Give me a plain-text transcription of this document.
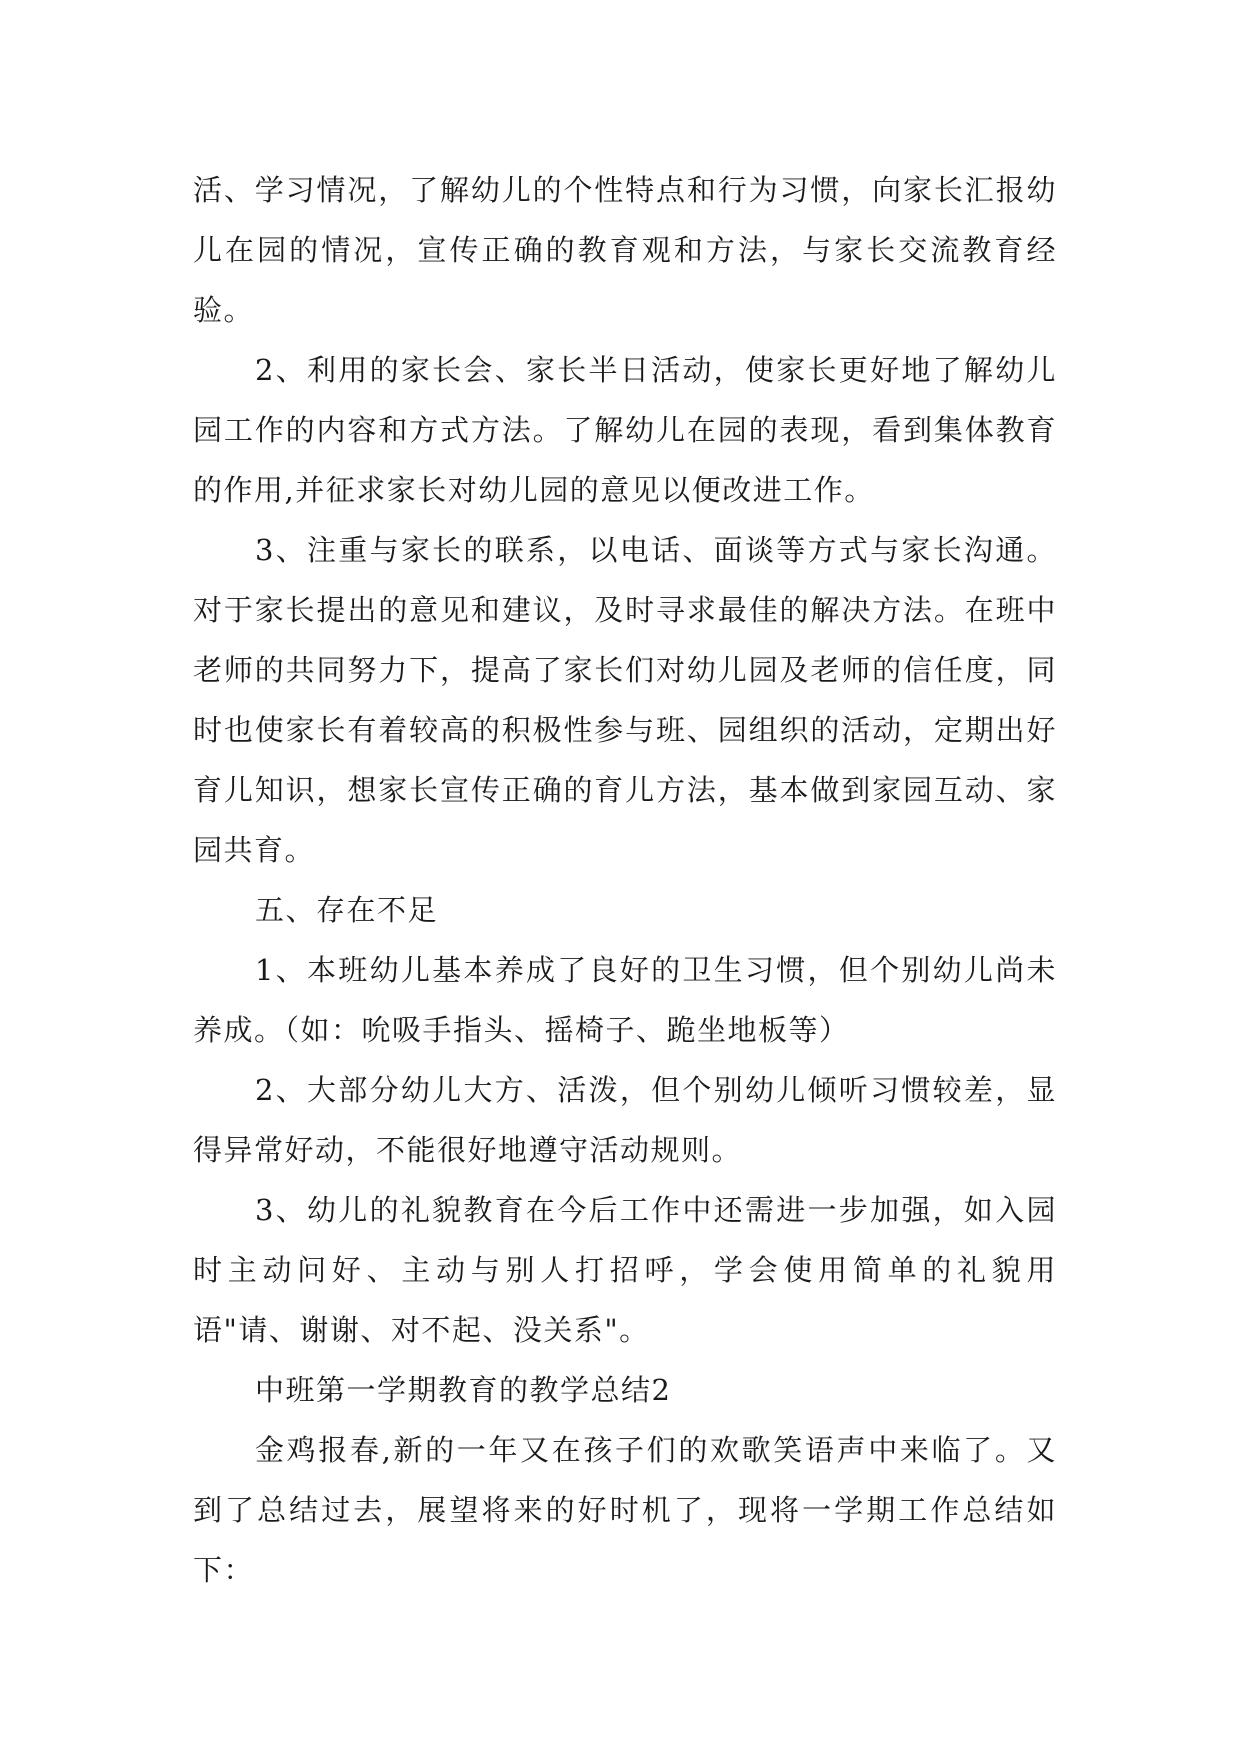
活、学习情况，了解幼儿的个性特点和行为习惯，向家长汇报幼儿在园的情况，宣传正确的教育观和方法，与家长交流教育经验。

2、利用的家长会、家长半日活动，使家长更好地了解幼儿园工作的内容和方式方法。了解幼儿在园的表现，看到集体教育的作用,并征求家长对幼儿园的意见以便改进工作。

3、注重与家长的联系，以电话、面谈等方式与家长沟通。对于家长提出的意见和建议，及时寻求最佳的解决方法。在班中老师的共同努力下，提高了家长们对幼儿园及老师的信任度，同时也使家长有着较高的积极性参与班、园组织的活动，定期出好育儿知识，想家长宣传正确的育儿方法，基本做到家园互动、家园共育。

五、存在不足

1、本班幼儿基本养成了良好的卫生习惯，但个别幼儿尚未养成。（如：吮吸手指头、摇椅子、跪坐地板等）

2、大部分幼儿大方、活泼，但个别幼儿倾听习惯较差，显得异常好动，不能很好地遵守活动规则。

3、幼儿的礼貌教育在今后工作中还需进一步加强，如入园时主动问好、主动与别人打招呼，学会使用简单的礼貌用语"请、谢谢、对不起、没关系"。

中班第一学期教育的教学总结2

金鸡报春,新的一年又在孩子们的欢歌笑语声中来临了。又到了总结过去，展望将来的好时机了，现将一学期工作总结如下：
